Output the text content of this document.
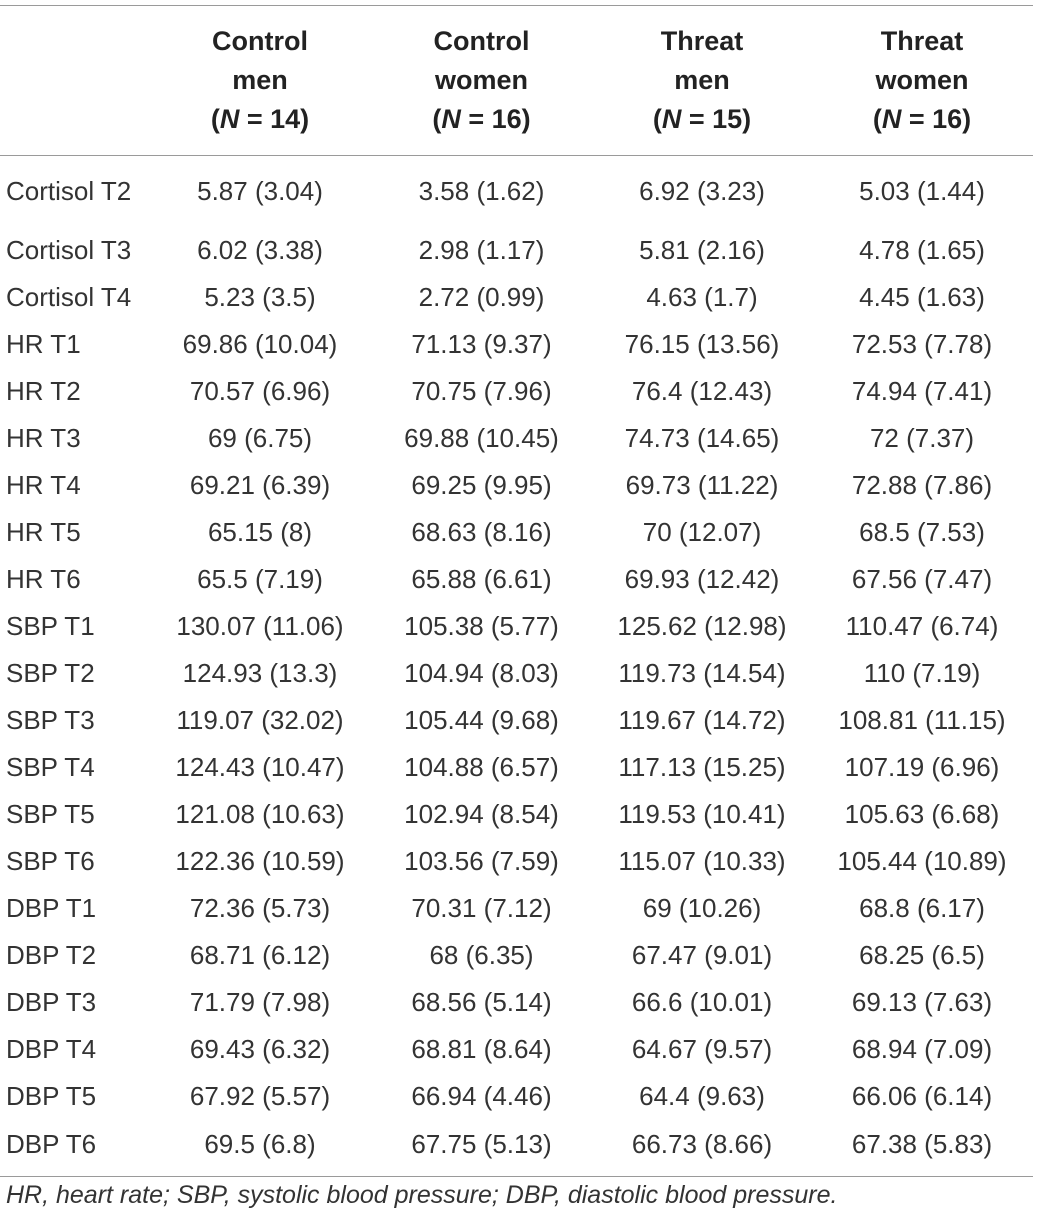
	Control
men
(N = 14)	Control
women
(N = 16)	Threat
men
(N = 15)	Threat
women
(N = 16)

Cortisol T2	5.87 (3.04)	3.58 (1.62)	6.92 (3.23)	5.03 (1.44)
Cortisol T3	6.02 (3.38)	2.98 (1.17)	5.81 (2.16)	4.78 (1.65)
Cortisol T4	5.23 (3.5)	2.72 (0.99)	4.63 (1.7)	4.45 (1.63)
HR T1	69.86 (10.04)	71.13 (9.37)	76.15 (13.56)	72.53 (7.78)
HR T2	70.57 (6.96)	70.75 (7.96)	76.4 (12.43)	74.94 (7.41)
HR T3	69 (6.75)	69.88 (10.45)	74.73 (14.65)	72 (7.37)
HR T4	69.21 (6.39)	69.25 (9.95)	69.73 (11.22)	72.88 (7.86)
HR T5	65.15 (8)	68.63 (8.16)	70 (12.07)	68.5 (7.53)
HR T6	65.5 (7.19)	65.88 (6.61)	69.93 (12.42)	67.56 (7.47)
SBP T1	130.07 (11.06)	105.38 (5.77)	125.62 (12.98)	110.47 (6.74)
SBP T2	124.93 (13.3)	104.94 (8.03)	119.73 (14.54)	110 (7.19)
SBP T3	119.07 (32.02)	105.44 (9.68)	119.67 (14.72)	108.81 (11.15)
SBP T4	124.43 (10.47)	104.88 (6.57)	117.13 (15.25)	107.19 (6.96)
SBP T5	121.08 (10.63)	102.94 (8.54)	119.53 (10.41)	105.63 (6.68)
SBP T6	122.36 (10.59)	103.56 (7.59)	115.07 (10.33)	105.44 (10.89)
DBP T1	72.36 (5.73)	70.31 (7.12)	69 (10.26)	68.8 (6.17)
DBP T2	68.71 (6.12)	68 (6.35)	67.47 (9.01)	68.25 (6.5)
DBP T3	71.79 (7.98)	68.56 (5.14)	66.6 (10.01)	69.13 (7.63)
DBP T4	69.43 (6.32)	68.81 (8.64)	64.67 (9.57)	68.94 (7.09)
DBP T5	67.92 (5.57)	66.94 (4.46)	64.4 (9.63)	66.06 (6.14)
DBP T6	69.5 (6.8)	67.75 (5.13)	66.73 (8.66)	67.38 (5.83)
HR, heart rate; SBP, systolic blood pressure; DBP, diastolic blood pressure.
